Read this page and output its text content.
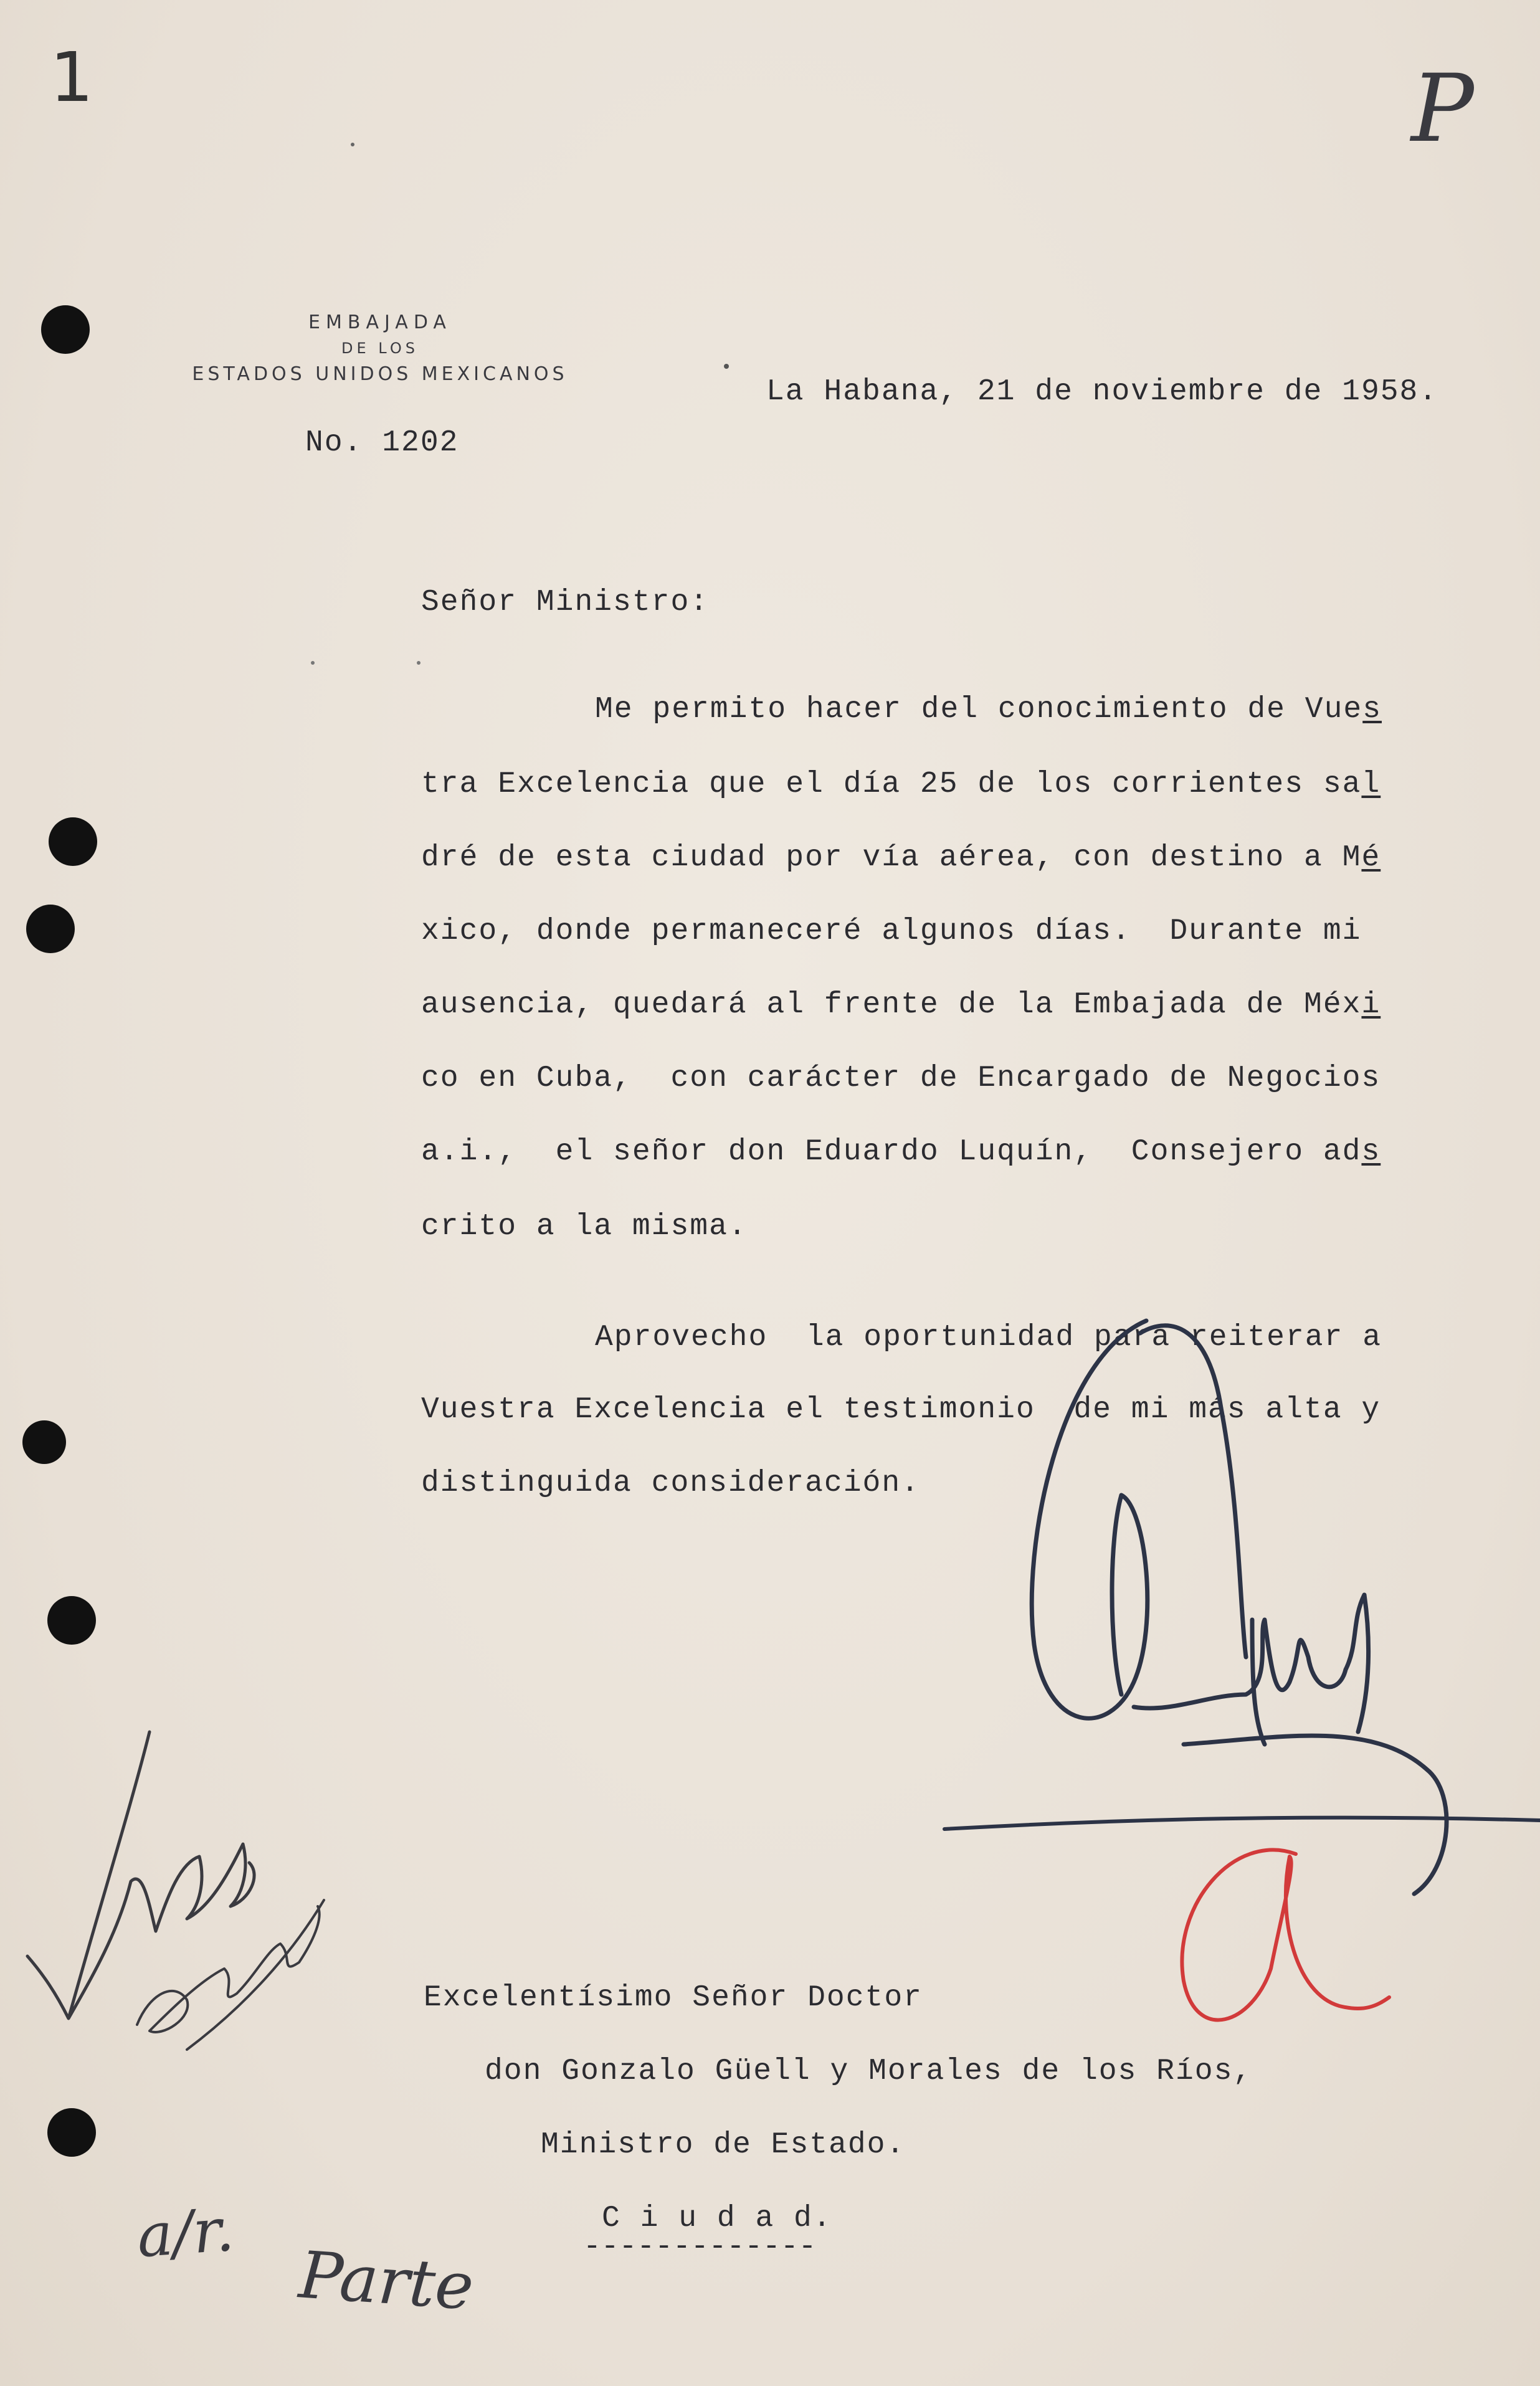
1	P
EMBAJADA
DE LOS
ESTADOS UNIDOS MEXICANOS
No. 1202
La Habana, 21 de noviembre de 1958.
Señor Ministro:
Me permito hacer del conocimiento de Vues
tra Excelencia que el día 25 de los corrientes sal
dré de esta ciudad por vía aérea, con destino a Mé
xico, donde permaneceré algunos días.  Durante mi
ausencia, quedará al frente de la Embajada de Méxi
co en Cuba,  con carácter de Encargado de Negocios
a.i.,  el señor don Eduardo Luquín,  Consejero ads
crito a la misma.
Aprovecho  la oportunidad para reiterar a
Vuestra Excelencia el testimonio  de mi más alta y
distinguida consideración.
Excelentísimo Señor Doctor
don Gonzalo Güell y Morales de los Ríos,
Ministro de Estado.
C i u d a d.
-------------
a/r.
Parte
